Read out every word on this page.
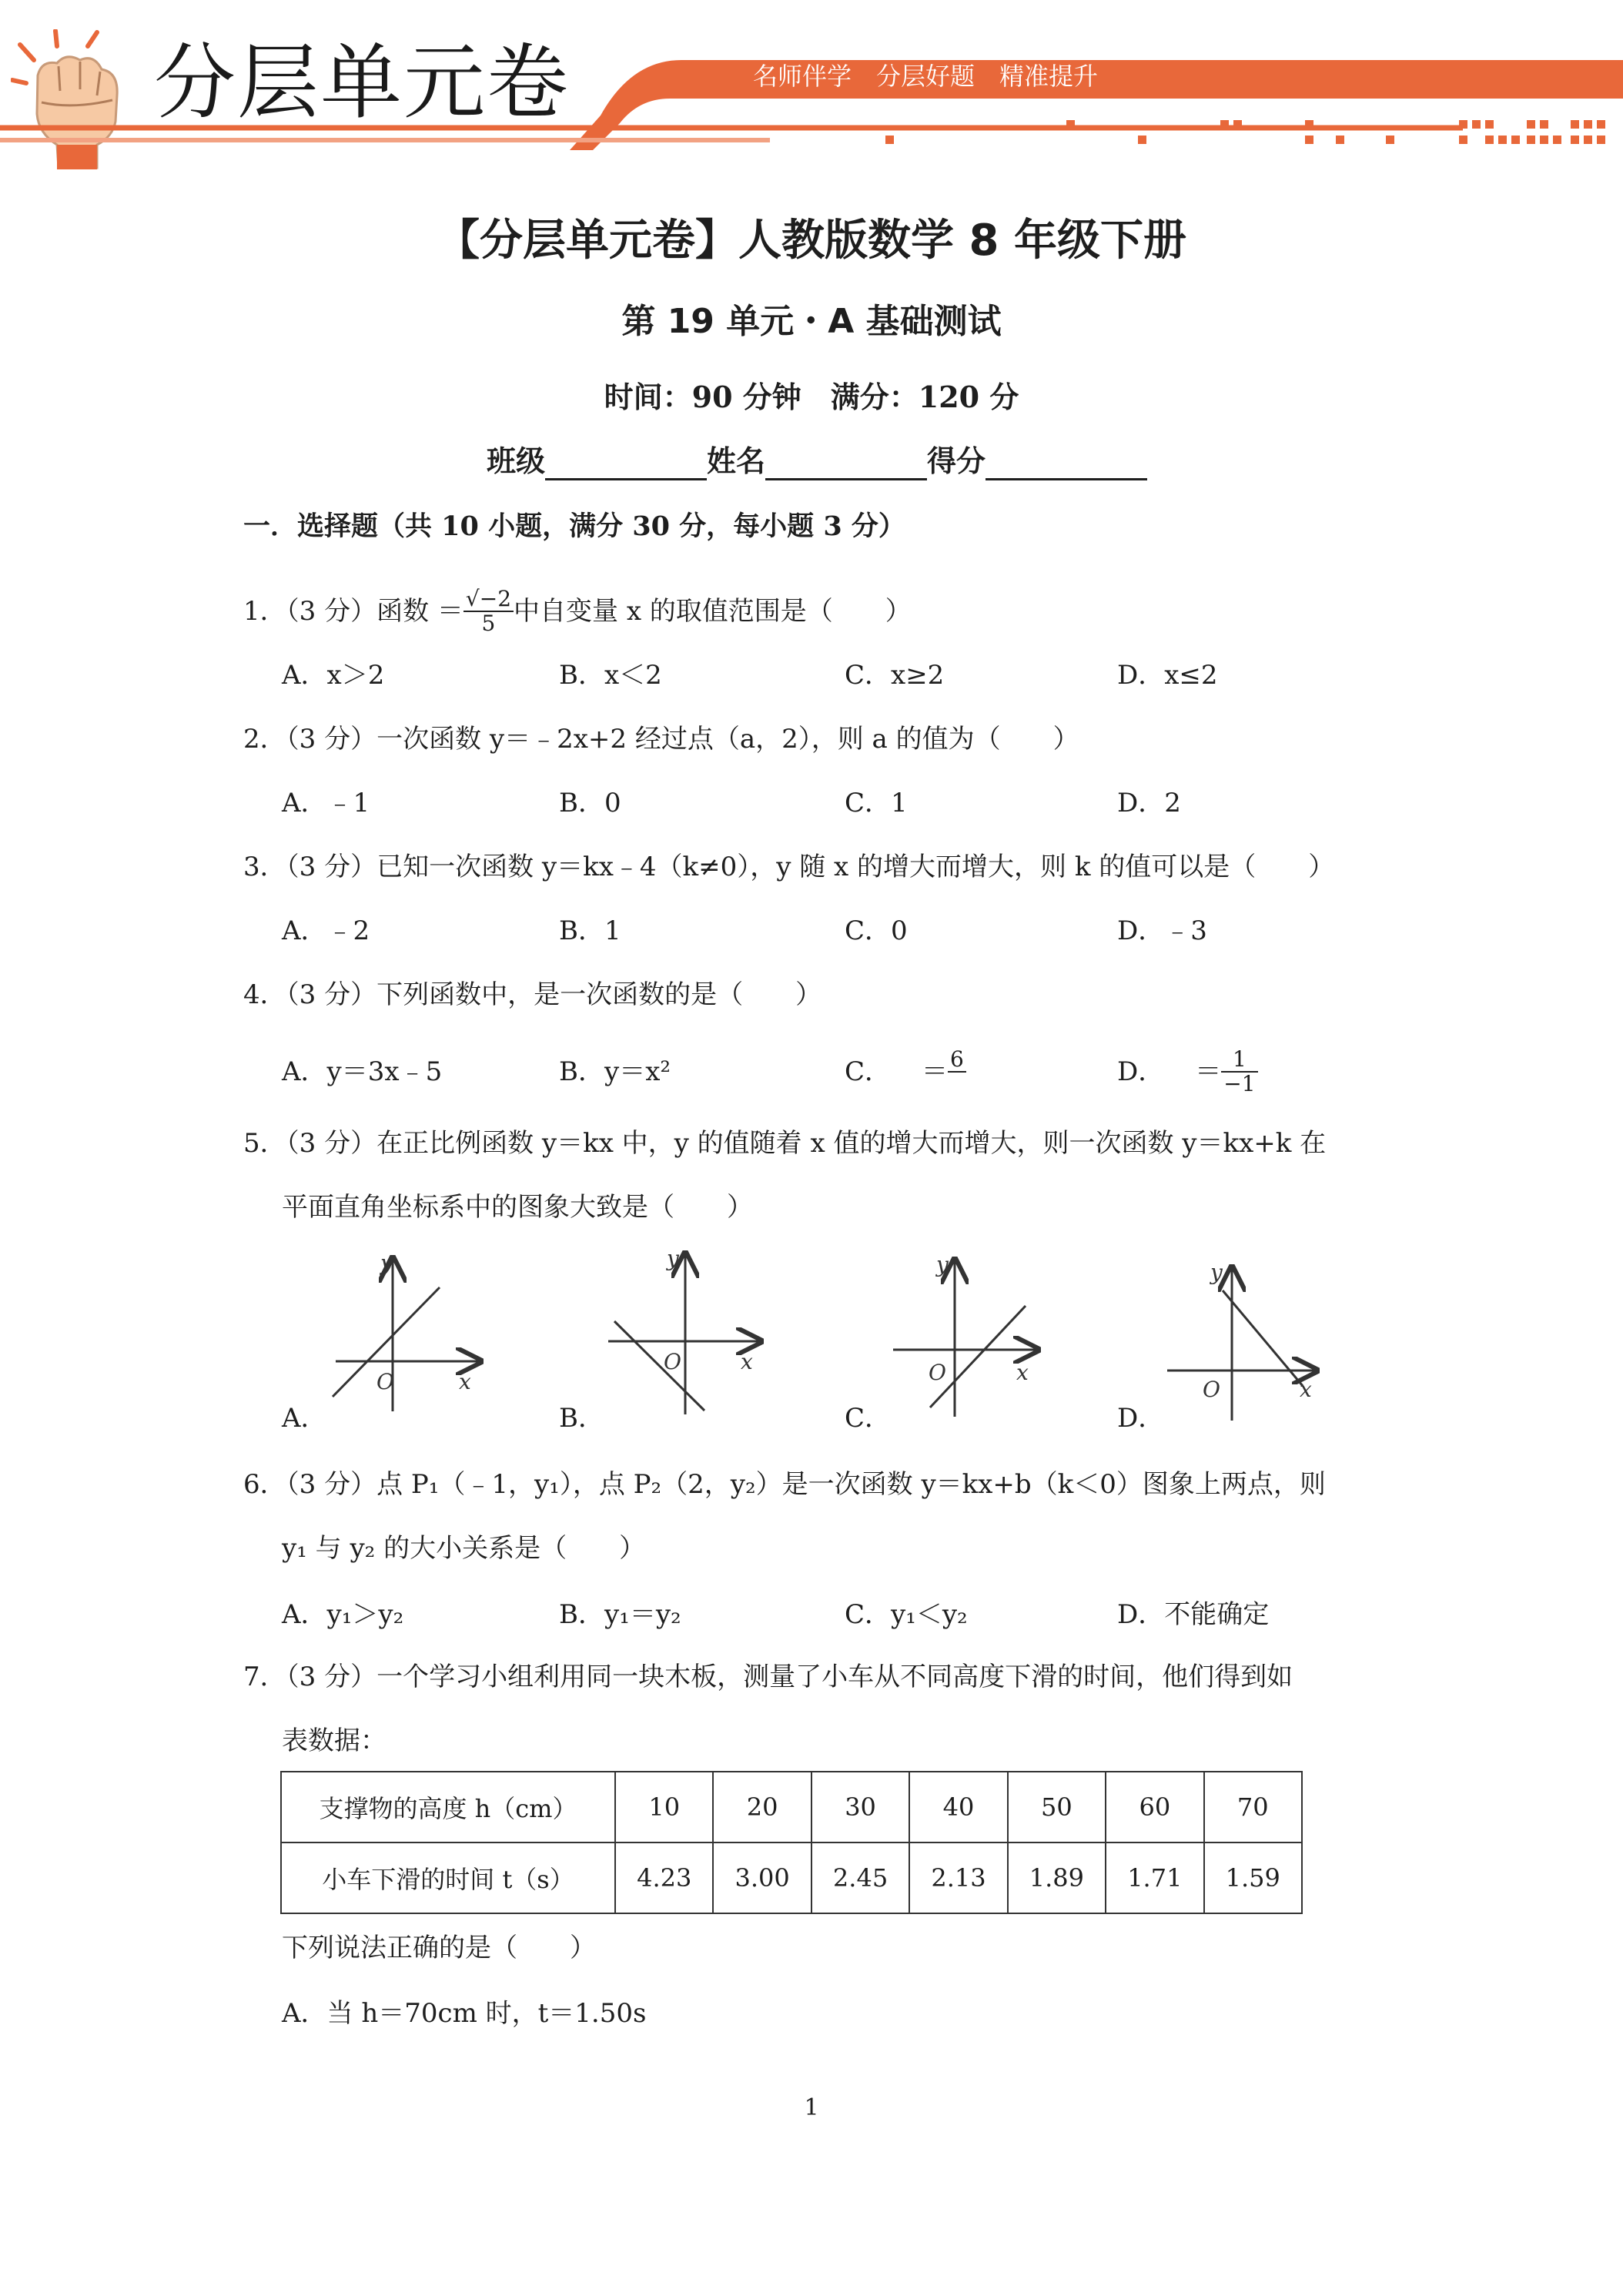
分层单元卷	名师伴学　分层好题　精准提升
【分层单元卷】人教版数学 8 年级下册
第 19 单元・A 基础测试
时间：90 分钟　满分：120 分
班级	姓名	得分
一．选择题（共 10 小题，满分 30 分，每小题 3 分）
1．（3 分）函数 ＝ $\frac{√-2}{5}$ 中自变量 x 的取值范围是（　　）
A．x＞2	B．x＜2	C．x≥2	D．x≤2
2．（3 分）一次函数 y＝﹣2x+2 经过点（a，2），则 a 的值为（　　）
A．﹣1	B．0	C．1	D．2
3．（3 分）已知一次函数 y＝kx﹣4（k≠0），y 随 x 的增大而增大，则 k 的值可以是（　　）
A．﹣2	B．1	C．0	D．﹣3
4．（3 分）下列函数中，是一次函数的是（　　）
A．y＝3x﹣5	B．y＝x²	C． ＝ 6
	D． ＝ $\frac{1}{-1}$
5．（3 分）在正比例函数 y＝kx 中，y 的值随着 x 值的增大而增大，则一次函数 y＝kx+k 在
平面直角坐标系中的图象大致是（　　）
y
x
O
A．
y
x
O
B．
y
x
O
C．
y
x
O
D．
6．（3 分）点 P₁（﹣1，y₁），点 P₂（2，y₂）是一次函数 y＝kx+b（k＜0）图象上两点，则
y₁ 与 y₂ 的大小关系是（　　）
A．y₁＞y₂	B．y₁＝y₂	C．y₁＜y₂	D．不能确定
7．（3 分）一个学习小组利用同一块木板，测量了小车从不同高度下滑的时间，他们得到如
表数据：
支撑物的高度 h（cm）	10	20	30	40	50	60	70
小车下滑的时间 t（s）	4.23	3.00	2.45	2.13	1.89	1.71	1.59
下列说法正确的是（　　）
A．当 h＝70cm 时，t＝1.50s
1
